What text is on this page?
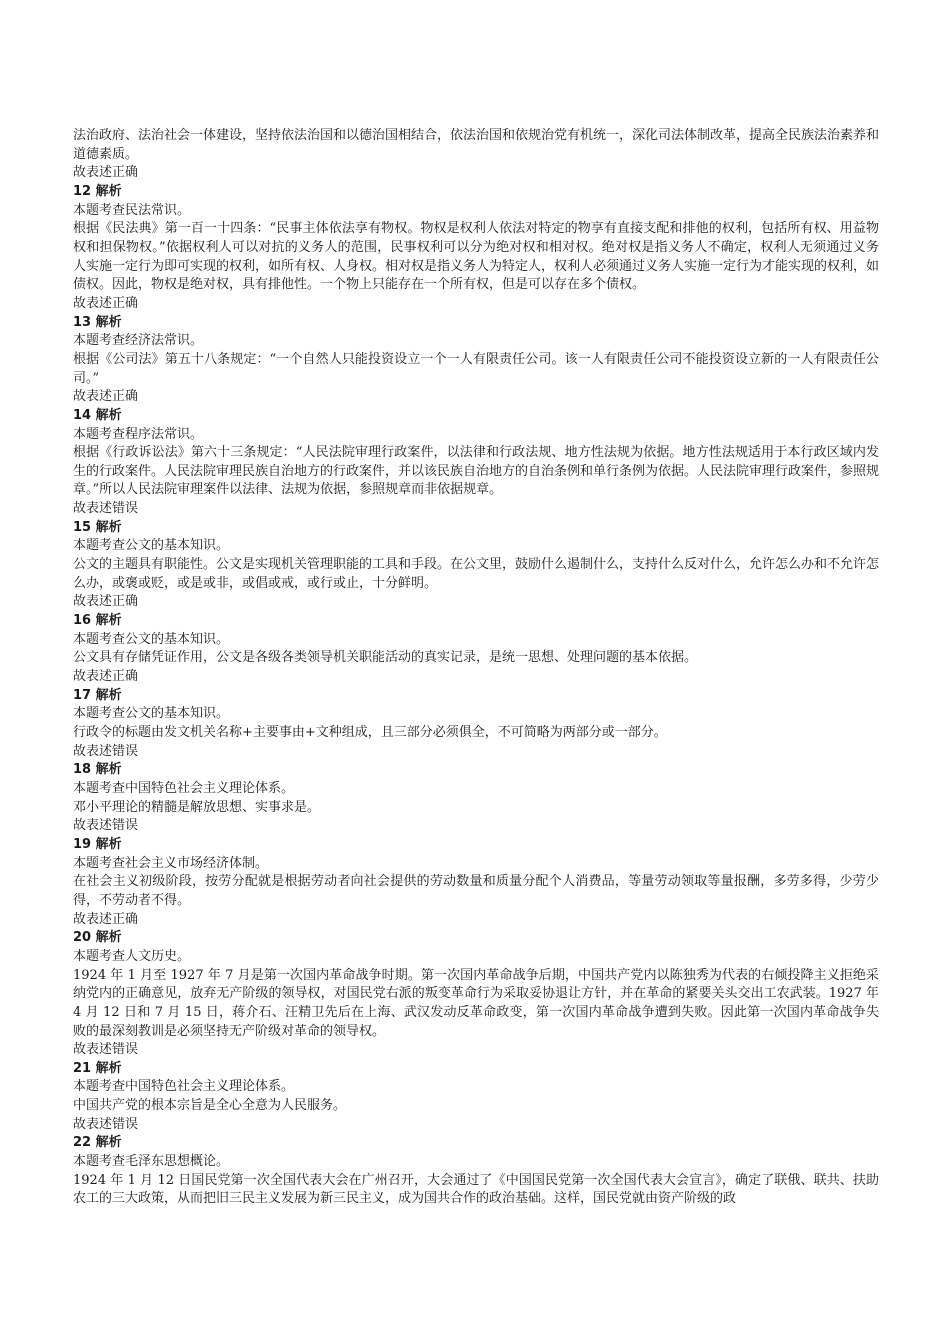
法治政府、法治社会一体建设，坚持依法治国和以德治国相结合，依法治国和依规治党有机统一，深化司法体制改革，提高全民族法治素养和道德素质。

故表述正确

12 解析

本题考查民法常识。

根据《民法典》第一百一十四条：“民事主体依法享有物权。物权是权利人依法对特定的物享有直接支配和排他的权利，包括所有权、用益物权和担保物权。”依据权利人可以对抗的义务人的范围，民事权利可以分为绝对权和相对权。绝对权是指义务人不确定，权利人无须通过义务人实施一定行为即可实现的权利，如所有权、人身权。相对权是指义务人为特定人，权利人必须通过义务人实施一定行为才能实现的权利，如债权。因此，物权是绝对权，具有排他性。一个物上只能存在一个所有权，但是可以存在多个债权。

故表述正确

13 解析

本题考查经济法常识。

根据《公司法》第五十八条规定：“一个自然人只能投资设立一个一人有限责任公司。该一人有限责任公司不能投资设立新的一人有限责任公司。”

故表述正确

14 解析

本题考查程序法常识。

根据《行政诉讼法》第六十三条规定：“人民法院审理行政案件，以法律和行政法规、地方性法规为依据。地方性法规适用于本行政区域内发生的行政案件。人民法院审理民族自治地方的行政案件，并以该民族自治地方的自治条例和单行条例为依据。人民法院审理行政案件，参照规章。”所以人民法院审理案件以法律、法规为依据，参照规章而非依据规章。

故表述错误

15 解析

本题考查公文的基本知识。

公文的主题具有职能性。公文是实现机关管理职能的工具和手段。在公文里，鼓励什么遏制什么，支持什么反对什么，允许怎么办和不允许怎么办，或褒或贬，或是或非，或倡或戒，或行或止，十分鲜明。

故表述正确

16 解析

本题考查公文的基本知识。

公文具有存储凭证作用，公文是各级各类领导机关职能活动的真实记录，是统一思想、处理问题的基本依据。

故表述正确

17 解析

本题考查公文的基本知识。

行政令的标题由发文机关名称+主要事由+文种组成，且三部分必须俱全，不可简略为两部分或一部分。

故表述错误

18 解析

本题考查中国特色社会主义理论体系。

邓小平理论的精髓是解放思想、实事求是。

故表述错误

19 解析

本题考查社会主义市场经济体制。

在社会主义初级阶段，按劳分配就是根据劳动者向社会提供的劳动数量和质量分配个人消费品，等量劳动领取等量报酬，多劳多得，少劳少得，不劳动者不得。

故表述正确

20 解析

本题考查人文历史。

1924 年 1 月至 1927 年 7 月是第一次国内革命战争时期。第一次国内革命战争后期，中国共产党内以陈独秀为代表的右倾投降主义拒绝采纳党内的正确意见，放弃无产阶级的领导权，对国民党右派的叛变革命行为采取妥协退让方针，并在革命的紧要关头交出工农武装。1927 年 4 月 12 日和 7 月 15 日，蒋介石、汪精卫先后在上海、武汉发动反革命政变，第一次国内革命战争遭到失败。因此第一次国内革命战争失败的最深刻教训是必须坚持无产阶级对革命的领导权。

故表述错误

21 解析

本题考查中国特色社会主义理论体系。

中国共产党的根本宗旨是全心全意为人民服务。

故表述错误

22 解析

本题考查毛泽东思想概论。

1924 年 1 月 12 日国民党第一次全国代表大会在广州召开，大会通过了《中国国民党第一次全国代表大会宣言》，确定了联俄、联共、扶助农工的三大政策，从而把旧三民主义发展为新三民主义，成为国共合作的政治基础。这样，国民党就由资产阶级的政
